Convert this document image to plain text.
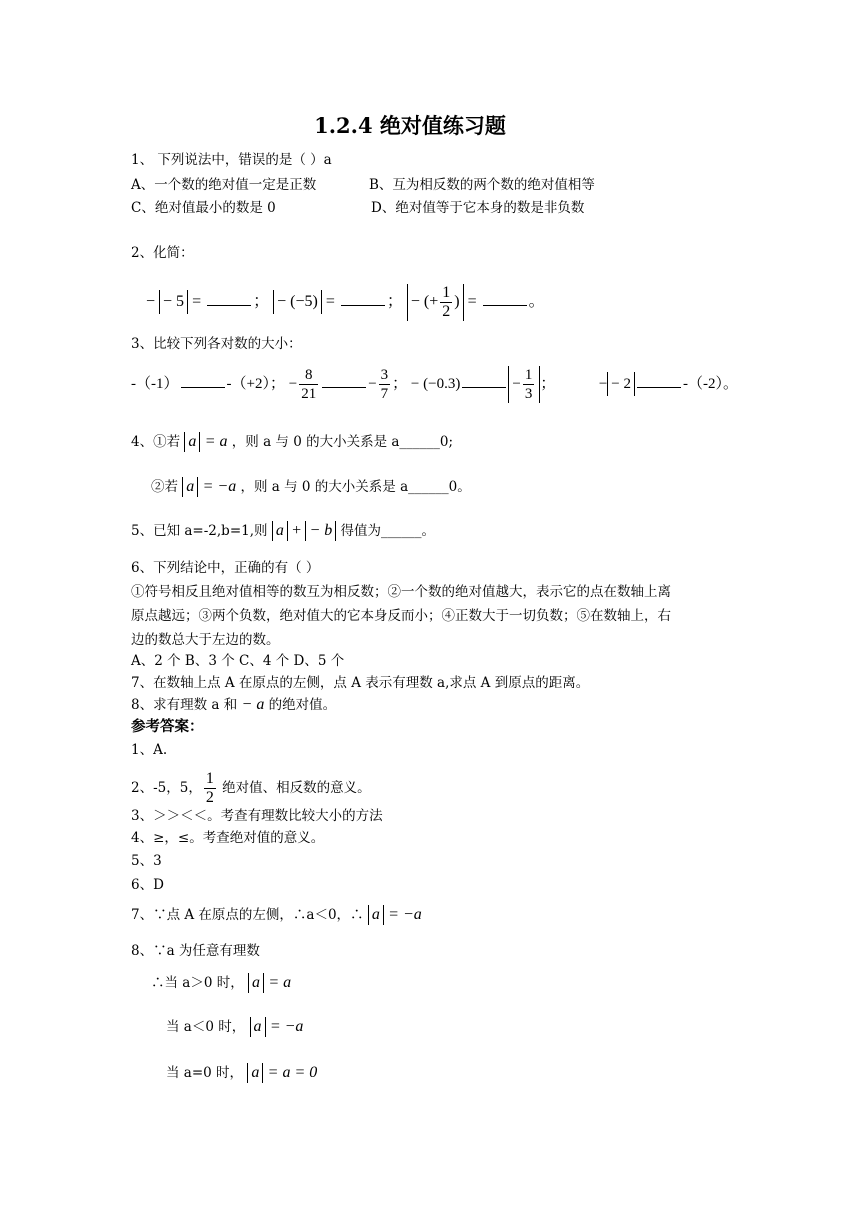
1.2.4 绝对值练习题
1、 下列说法中，错误的是（ ）a
A、一个数的绝对值一定是正数	B、互为相反数的两个数的绝对值相等
C、绝对值最小的数是 0	D、绝对值等于它本身的数是非负数
2、化简：
− − 5 =	； − (−5) =	； − (+ $\frac{1}{2}$ ) =	。
3、比较下列各对数的大小：
-（-1）	-（+2）； − $\frac{8}{21}$	− $\frac{3}{7}$ ； − (−0.3)	− $\frac{1}{3}$ ；	− − 2	-（-2）。
4、①若 a = a ，则 a 与 0 的大小关系是 a______0;
②若 a = −a ，则 a 与 0 的大小关系是 a______0。
5、已知 a=-2,b=1,则 a + − b 得值为______。
6、下列结论中，正确的有（ ）
①符号相反且绝对值相等的数互为相反数；②一个数的绝对值越大，表示它的点在数轴上离
原点越远；③两个负数，绝对值大的它本身反而小；④正数大于一切负数；⑤在数轴上，右
边的数总大于左边的数。
A、2 个 B、3 个 C、4 个 D、5 个
7、在数轴上点 A 在原点的左侧，点 A 表示有理数 a,求点 A 到原点的距离。
8、求有理数 a 和 − a 的绝对值。
参考答案：
1、A.
2、-5，5， $\frac{1}{2}$ 绝对值、相反数的意义。
3、＞＞＜＜。考查有理数比较大小的方法
4、≥，≤。考查绝对值的意义。
5、3
6、D
7、∵点 A 在原点的左侧，∴a＜0，∴ a = −a
8、∵a 为任意有理数
∴当 a＞0 时， a = a
当 a＜0 时， a = −a
当 a=0 时， a = a = 0
